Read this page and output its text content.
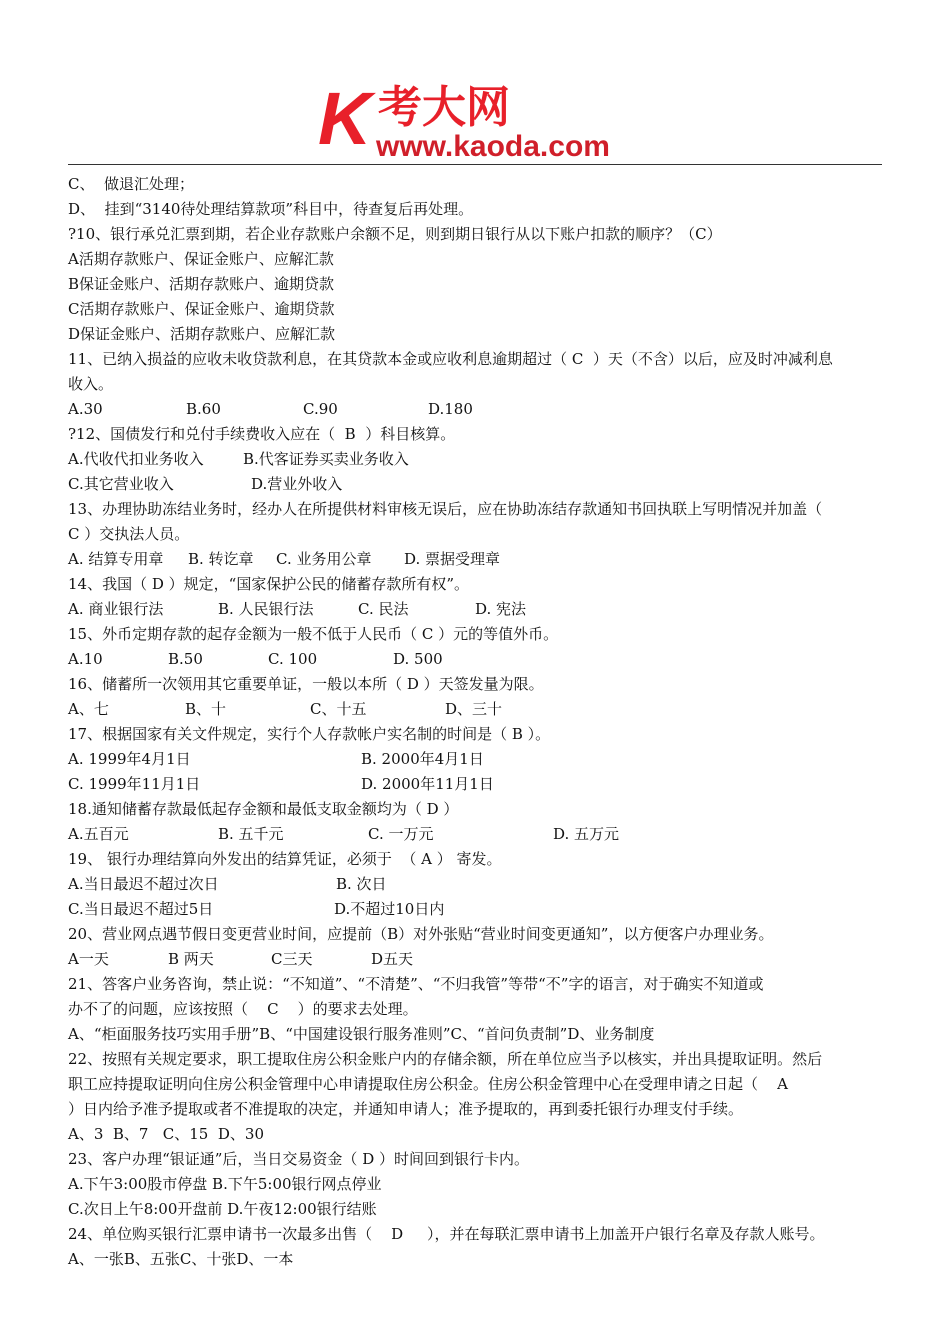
K 考大网
www.kaoda.com
C、  做退汇处理；
D、  挂到“3140待处理结算款项”科目中，待查复后再处理。
?10、银行承兑汇票到期，若企业存款账户余额不足，则到期日银行从以下账户扣款的顺序？（C）
A活期存款账户、保证金账户、应解汇款
B保证金账户、活期存款账户、逾期贷款
C活期存款账户、保证金账户、逾期贷款
D保证金账户、活期存款账户、应解汇款
11、已纳入损益的应收未收贷款利息，在其贷款本金或应收利息逾期超过（ C  ）天（不含）以后，应及时冲减利息
收入。
A.30	B.60	C.90	D.180
?12、国债发行和兑付手续费收入应在（  B  ）科目核算。
A.代收代扣业务收入	B.代客证券买卖业务收入
C.其它营业收入	D.营业外收入
13、办理协助冻结业务时，经办人在所提供材料审核无误后，应在协助冻结存款通知书回执联上写明情况并加盖（
C ）交执法人员。
A. 结算专用章	B. 转讫章	C. 业务用公章	D. 票据受理章
14、我国（ D ）规定，“国家保护公民的储蓄存款所有权”。
A. 商业银行法	B. 人民银行法	C. 民法	D. 宪法
15、外币定期存款的起存金额为一般不低于人民币（ C ）元的等值外币。
A.10	B.50	C. 100	D. 500
16、储蓄所一次领用其它重要单证，一般以本所（ D ）天签发量为限。
A、七	B、十	C、十五	D、三十
17、根据国家有关文件规定，实行个人存款帐户实名制的时间是（ B ）。
A. 1999年4月1日	B. 2000年4月1日
C. 1999年11月1日	D. 2000年11月1日
18.通知储蓄存款最低起存金额和最低支取金额均为（ D ）
A.五百元	B. 五千元	C. 一万元	D. 五万元
19、 银行办理结算向外发出的结算凭证，必须于  （ A ） 寄发。
A.当日最迟不超过次日	B. 次日
C.当日最迟不超过5日	D.不超过10日内
20、营业网点遇节假日变更营业时间，应提前（B）对外张贴“营业时间变更通知”，以方便客户办理业务。
A一天	B 两天	C三天	D五天
21、答客户业务咨询，禁止说：“不知道”、“不清楚”、“不归我管”等带“不”字的语言，对于确实不知道或
办不了的问题，应该按照（    C    ）的要求去处理。
A、“柜面服务技巧实用手册”B、“中国建设银行服务准则”C、“首问负责制”D、业务制度
22、按照有关规定要求，职工提取住房公积金账户内的存储余额，所在单位应当予以核实，并出具提取证明。然后
职工应持提取证明向住房公积金管理中心申请提取住房公积金。住房公积金管理中心在受理申请之日起（    A
）日内给予准予提取或者不准提取的决定，并通知申请人；准予提取的，再到委托银行办理支付手续。
A、3  B、7   C、15  D、30
23、客户办理“银证通”后，当日交易资金（ D ）时间回到银行卡内。
A.下午3:00股市停盘 B.下午5:00银行网点停业
C.次日上午8:00开盘前 D.午夜12:00银行结账
24、单位购买银行汇票申请书一次最多出售（    D     ），并在每联汇票申请书上加盖开户银行名章及存款人账号。
A、一张B、五张C、十张D、一本
